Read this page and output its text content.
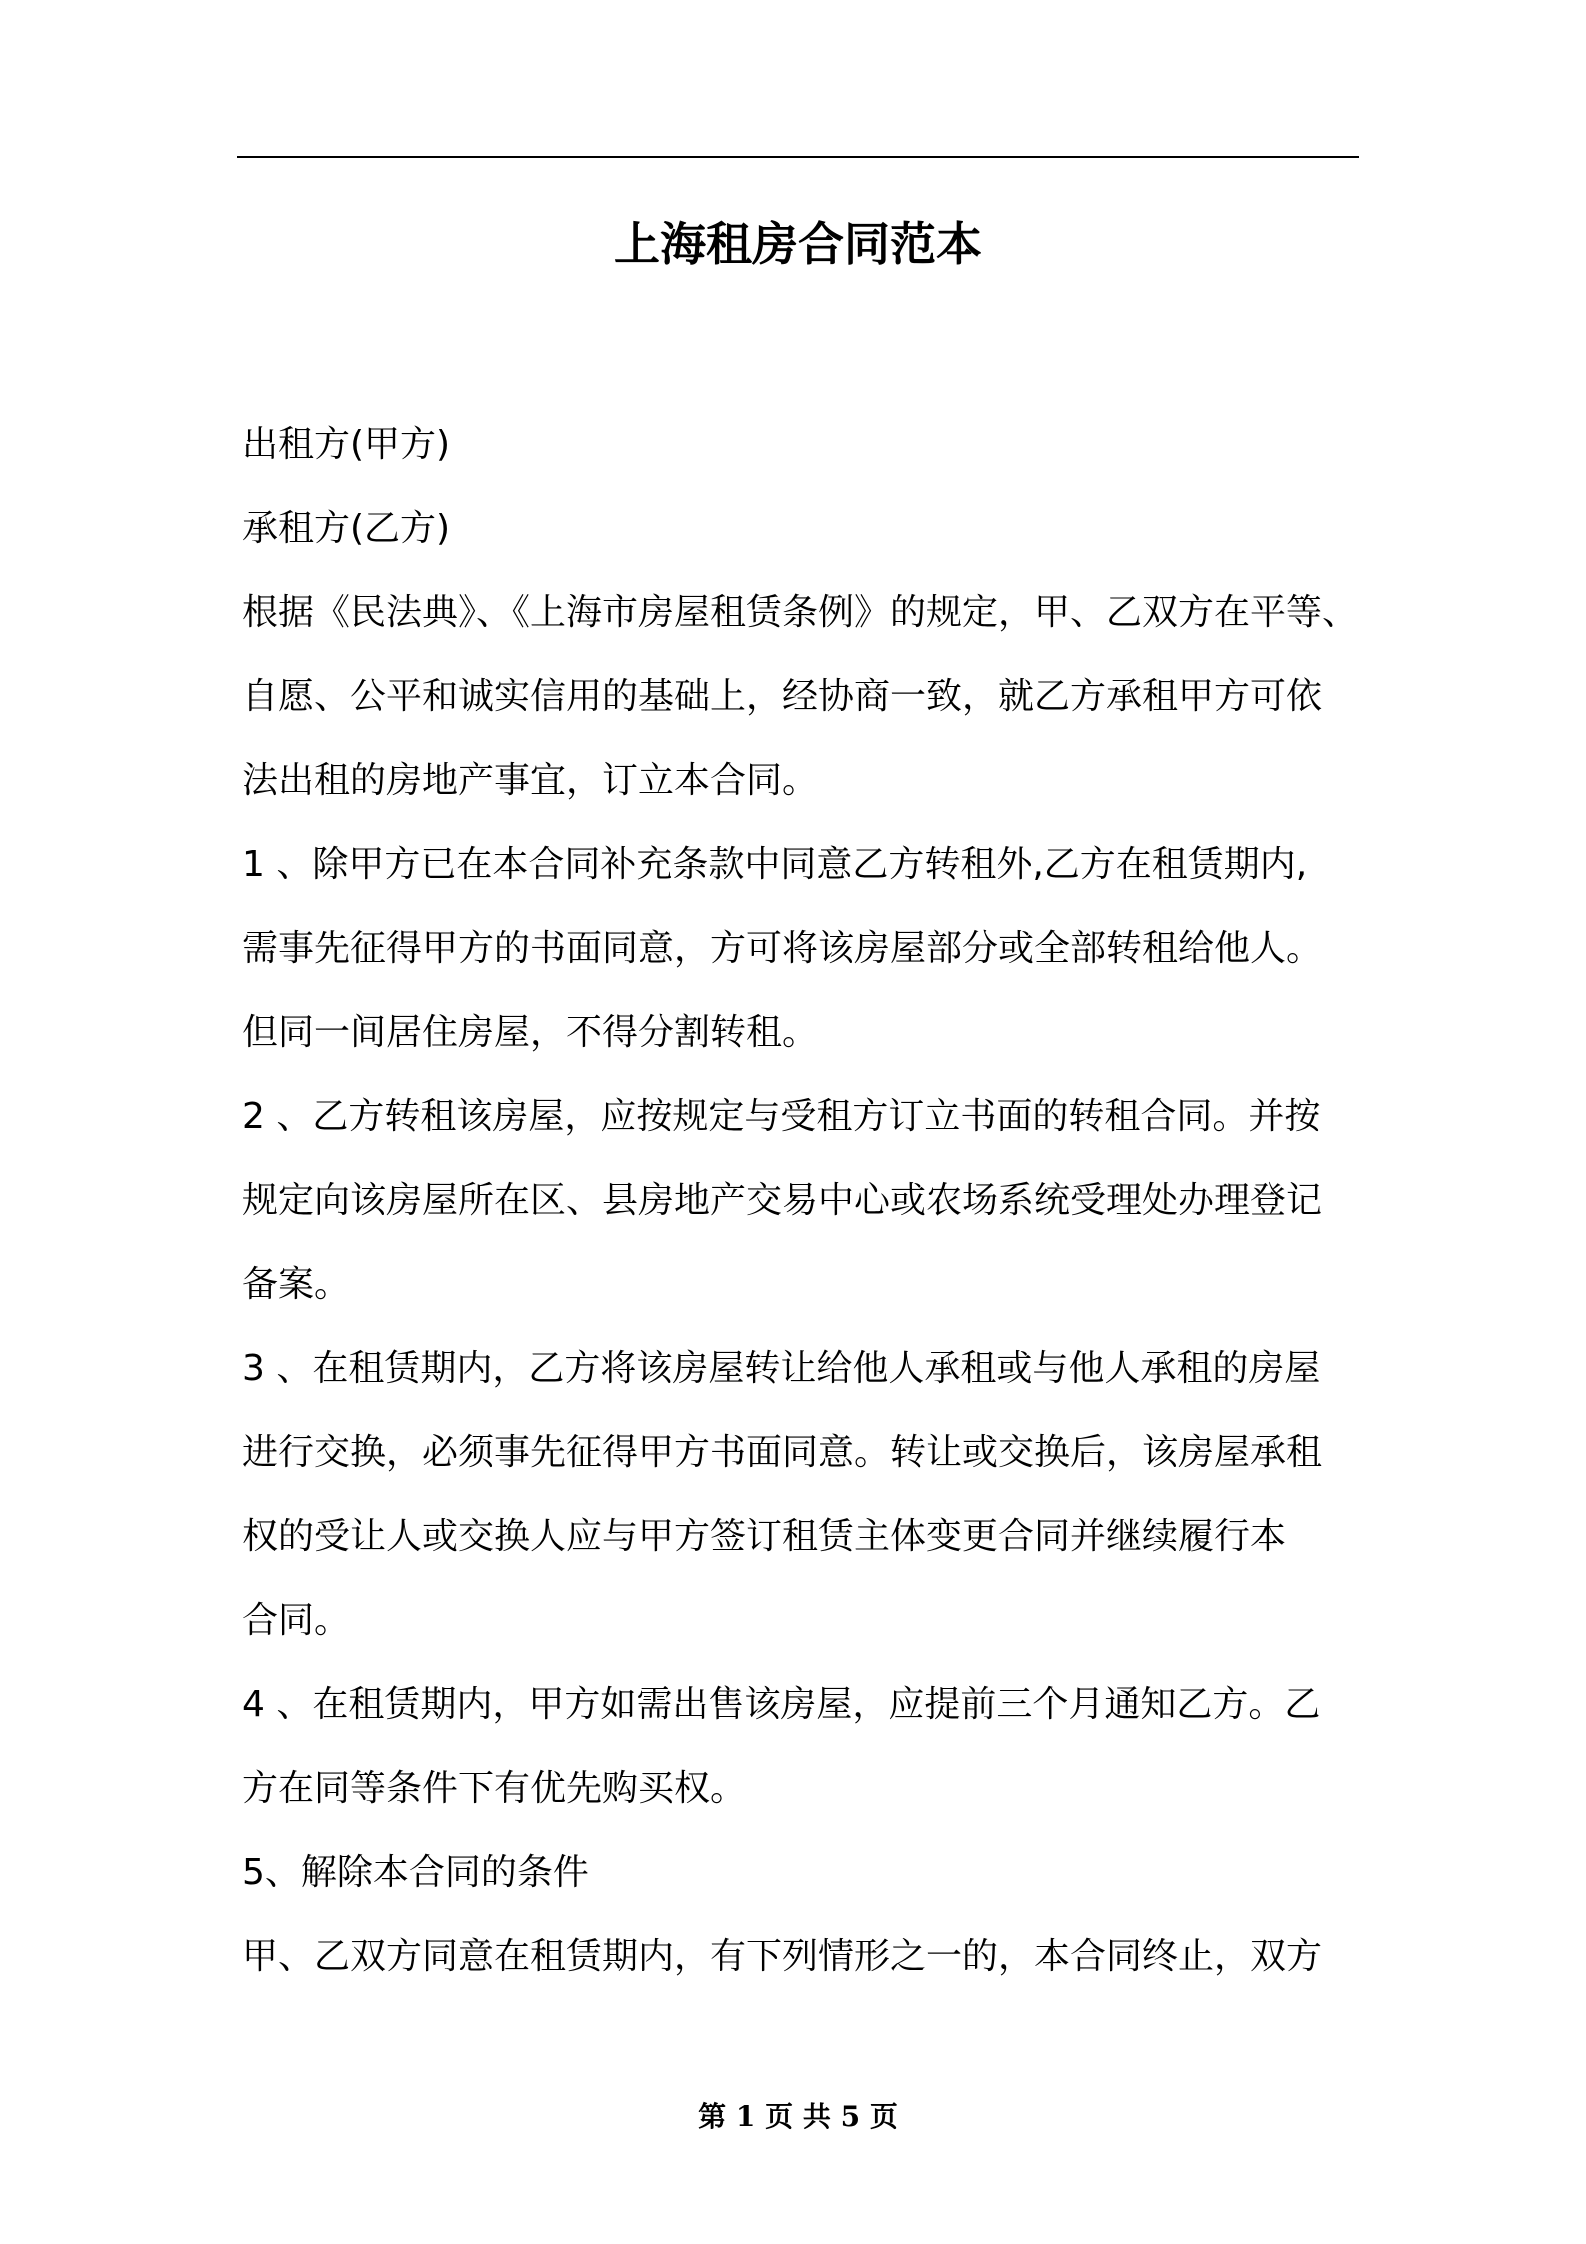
上海租房合同范本
出租方(甲方)
承租方(乙方)
根据《民法典》、《上海市房屋租赁条例》的规定，甲、乙双方在平等、
自愿、公平和诚实信用的基础上，经协商一致，就乙方承租甲方可依
法出租的房地产事宜，订立本合同。
1 、除甲方已在本合同补充条款中同意乙方转租外,乙方在租赁期内,
需事先征得甲方的书面同意，方可将该房屋部分或全部转租给他人。
但同一间居住房屋，不得分割转租。
2 、乙方转租该房屋，应按规定与受租方订立书面的转租合同。并按
规定向该房屋所在区、县房地产交易中心或农场系统受理处办理登记
备案。
3 、在租赁期内，乙方将该房屋转让给他人承租或与他人承租的房屋
进行交换，必须事先征得甲方书面同意。转让或交换后，该房屋承租
权的受让人或交换人应与甲方签订租赁主体变更合同并继续履行本
合同。
4 、在租赁期内，甲方如需出售该房屋，应提前三个月通知乙方。乙
方在同等条件下有优先购买权。
5、解除本合同的条件
甲、乙双方同意在租赁期内，有下列情形之一的，本合同终止，双方
第 1 页 共 5 页
